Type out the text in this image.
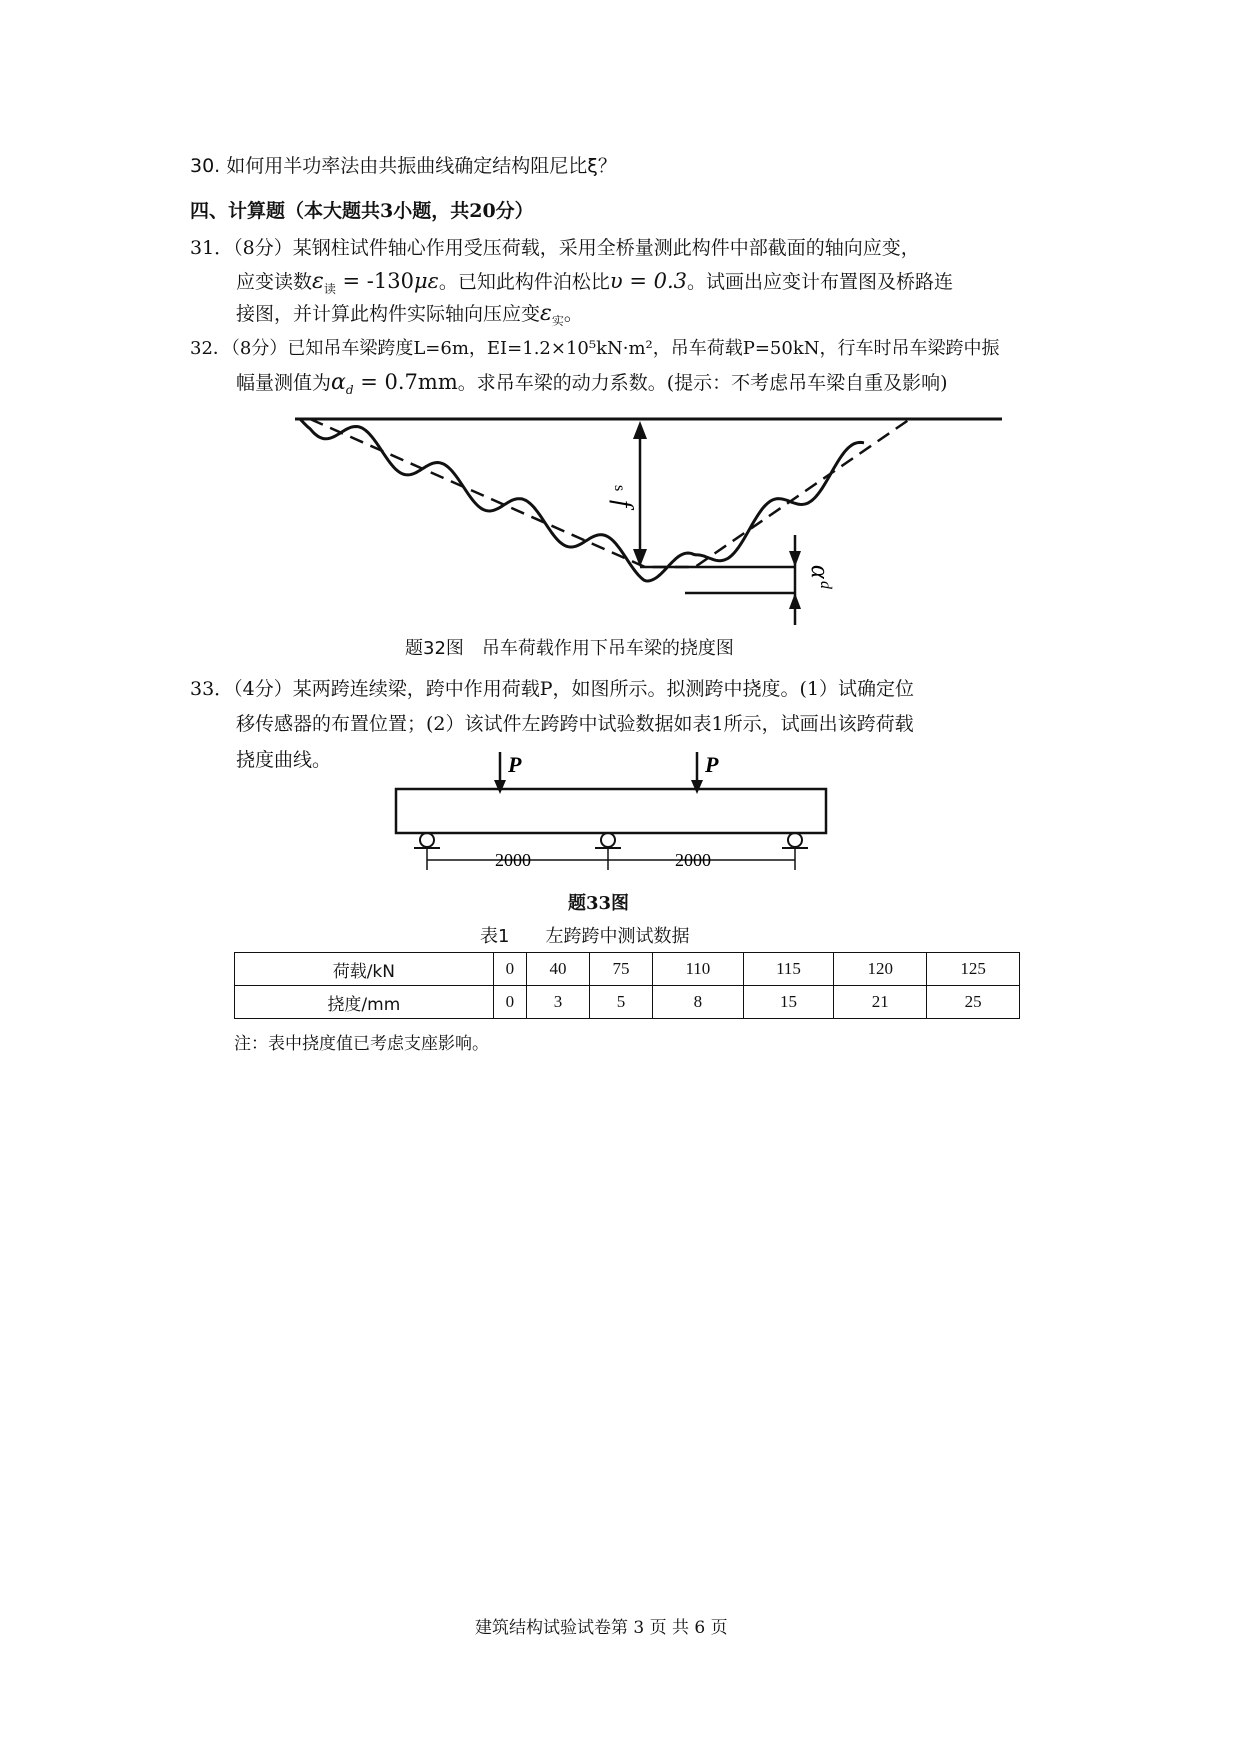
30. 如何用半功率法由共振曲线确定结构阻尼比ξ？
四、计算题（本大题共3小题，共20分）
31．（8分）某钢柱试件轴心作用受压荷载，采用全桥量测此构件中部截面的轴向应变，
应变读数$\varepsilon_读 = -130\mu\varepsilon$。已知此构件泊松比υ = 0.3。试画出应变计布置图及桥路连
接图，并计算此构件实际轴向压应变$\varepsilon_实$。
32．（8分）已知吊车梁跨度L=6m，EI=1.2×10⁵kN·m²，吊车荷载P=50kN，行车时吊车梁跨中振
幅量测值为$\alpha_d = 0.7mm$。求吊车梁的动力系数。(提示：不考虑吊车梁自重及影响)
f
s
α
d
题32图　吊车荷载作用下吊车梁的挠度图
33．（4分）某两跨连续梁，跨中作用荷载P，如图所示。拟测跨中挠度。(1）试确定位
移传感器的布置位置；(2）该试件左跨跨中试验数据如表1所示，试画出该跨荷载
挠度曲线。	P	P
2000	2000
题33图
表1　　左跨跨中测试数据
荷载/kN	0	40	75	110	115	120	125
挠度/mm	0	3	5	8	15	21	25
注：表中挠度值已考虑支座影响。
建筑结构试验试卷第 3 页 共 6 页
